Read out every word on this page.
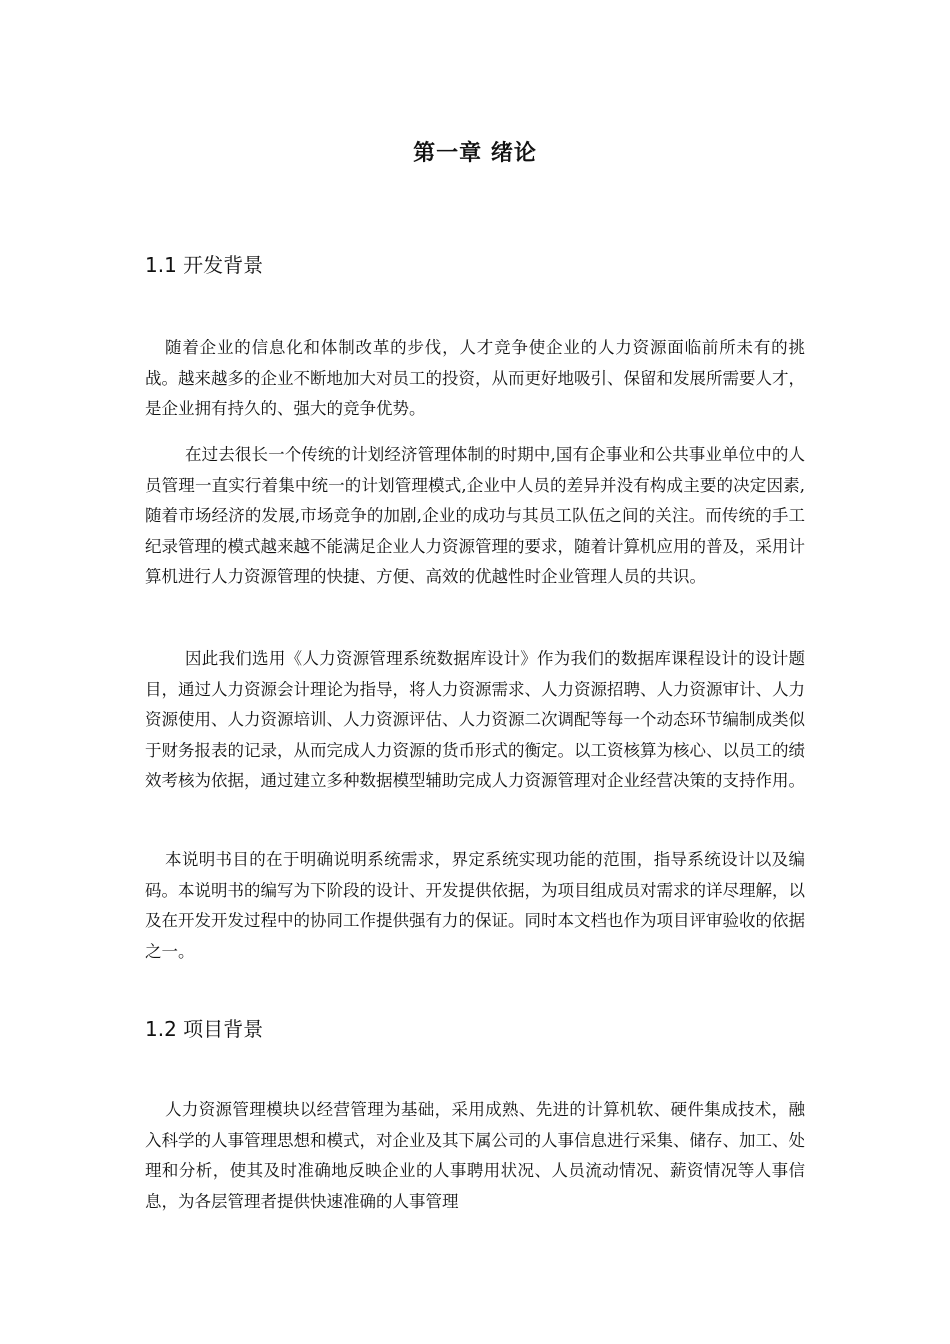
第一章 绪论
1.1 开发背景

随着企业的信息化和体制改革的步伐，人才竞争使企业的人力资源面临前所未有的挑战。越来越多的企业不断地加大对员工的投资，从而更好地吸引、保留和发展所需要人才，是企业拥有持久的、强大的竞争优势。

在过去很长一个传统的计划经济管理体制的时期中,国有企事业和公共事业单位中的人员管理一直实行着集中统一的计划管理模式,企业中人员的差异并没有构成主要的决定因素,随着市场经济的发展,市场竞争的加剧,企业的成功与其员工队伍之间的关注。而传统的手工纪录管理的模式越来越不能满足企业人力资源管理的要求，随着计算机应用的普及，采用计算机进行人力资源管理的快捷、方便、高效的优越性时企业管理人员的共识。

因此我们选用《人力资源管理系统数据库设计》作为我们的数据库课程设计的设计题目，通过人力资源会计理论为指导，将人力资源需求、人力资源招聘、人力资源审计、人力资源使用、人力资源培训、人力资源评估、人力资源二次调配等每一个动态环节编制成类似于财务报表的记录，从而完成人力资源的货币形式的衡定。以工资核算为核心、以员工的绩效考核为依据，通过建立多种数据模型辅助完成人力资源管理对企业经营决策的支持作用。

本说明书目的在于明确说明系统需求，界定系统实现功能的范围，指导系统设计以及编码。本说明书的编写为下阶段的设计、开发提供依据，为项目组成员对需求的详尽理解，以及在开发开发过程中的协同工作提供强有力的保证。同时本文档也作为项目评审验收的依据之一。

1.2 项目背景

人力资源管理模块以经营管理为基础，采用成熟、先进的计算机软、硬件集成技术，融入科学的人事管理思想和模式，对企业及其下属公司的人事信息进行采集、储存、加工、处理和分析，使其及时准确地反映企业的人事聘用状况、人员流动情况、薪资情况等人事信息，为各层管理者提供快速准确的人事管理
